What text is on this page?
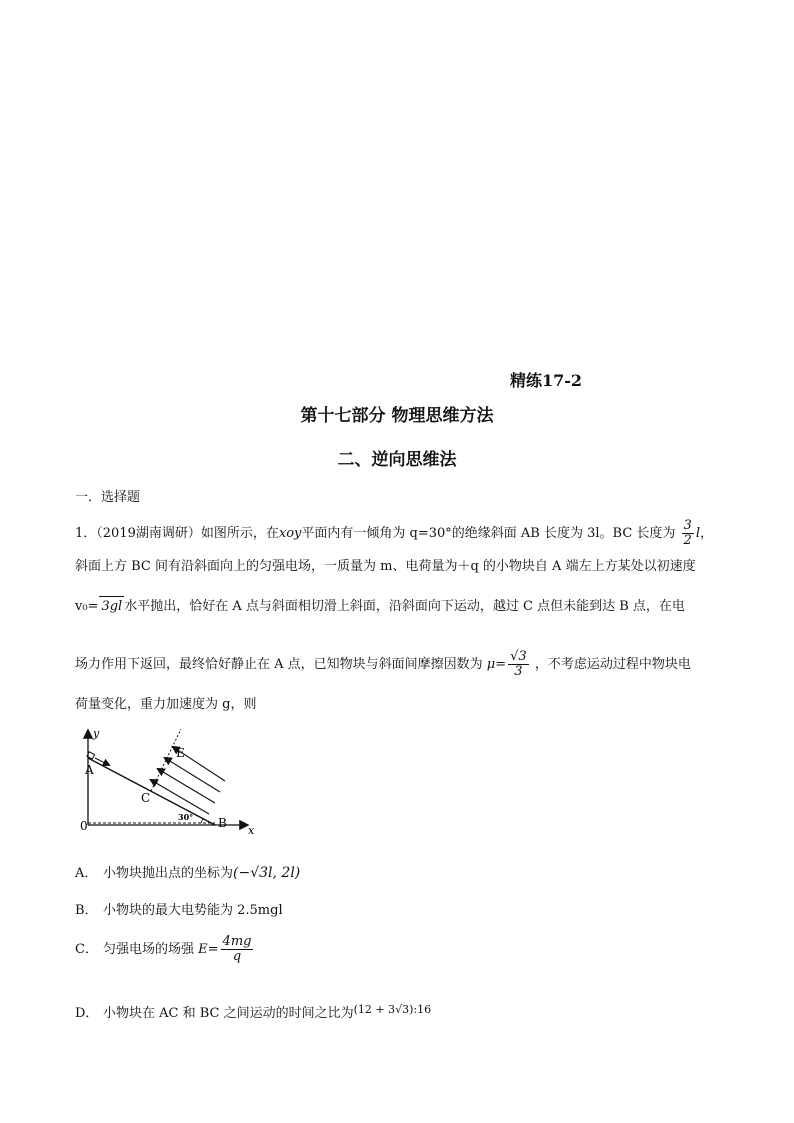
精练17-2
第十七部分 物理思维方法
二、逆向思维法
一．选择题
1．（2019湖南调研）如图所示，在xoy平面内有一倾角为 q=30°的绝缘斜面 AB 长度为 3l。BC 长度为 $\frac{3}{2}$ l，
斜面上方 BC 间有沿斜面向上的匀强电场，一质量为 m、电荷量为＋q 的小物块自 A 端左上方某处以初速度
v₀= 3gl 水平抛出，恰好在 A 点与斜面相切滑上斜面，沿斜面向下运动，越过 C 点但未能到达 B 点，在电
场力作用下返回，最终恰好静止在 A 点，已知物块与斜面间摩擦因数为 $\mu= \frac{√3}{3}$ ，不考虑运动过程中物块电
荷量变化，重力加速度为 g，则
y
A
C
E
B
0	x
30°
A． 小物块抛出点的坐标为(−√3l, 2l)
B． 小物块的最大电势能为 2.5mgl
C． 匀强电场的场强 $E= \frac{4mg}{q}$
D． 小物块在 AC 和 BC 之间运动的时间之比为$^{(12 + 3√3):16}$
